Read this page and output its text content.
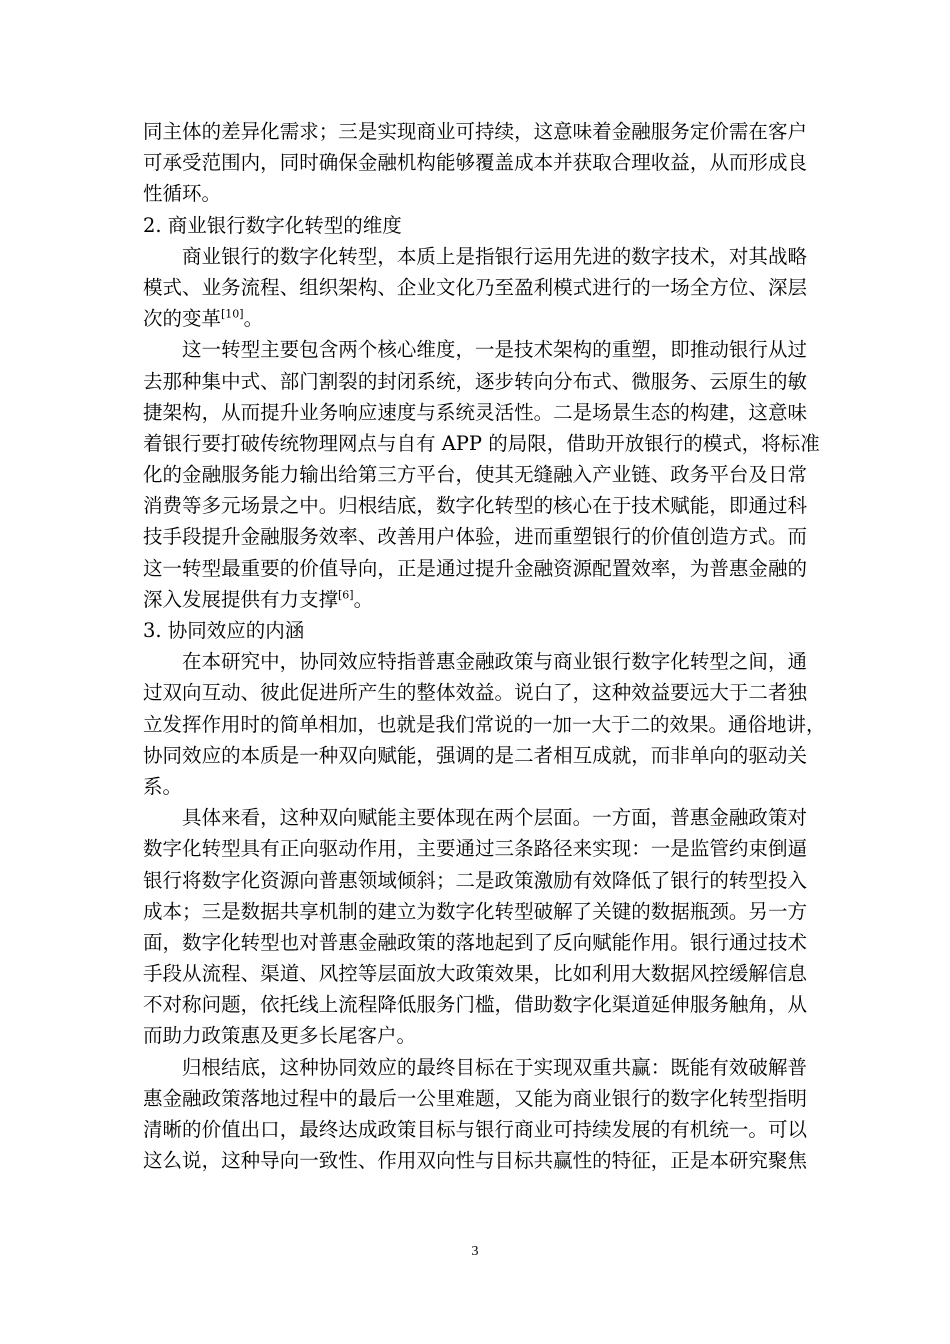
同主体的差异化需求；三是实现商业可持续，这意味着金融服务定价需在客户
可承受范围内，同时确保金融机构能够覆盖成本并获取合理收益，从而形成良
性循环。
2. 商业银行数字化转型的维度
商业银行的数字化转型，本质上是指银行运用先进的数字技术，对其战略
模式、业务流程、组织架构、企业文化乃至盈利模式进行的一场全方位、深层
次的变革[10]。
这一转型主要包含两个核心维度，一是技术架构的重塑，即推动银行从过
去那种集中式、部门割裂的封闭系统，逐步转向分布式、微服务、云原生的敏
捷架构，从而提升业务响应速度与系统灵活性。二是场景生态的构建，这意味
着银行要打破传统物理网点与自有 APP 的局限，借助开放银行的模式，将标准
化的金融服务能力输出给第三方平台，使其无缝融入产业链、政务平台及日常
消费等多元场景之中。归根结底，数字化转型的核心在于技术赋能，即通过科
技手段提升金融服务效率、改善用户体验，进而重塑银行的价值创造方式。而
这一转型最重要的价值导向，正是通过提升金融资源配置效率，为普惠金融的
深入发展提供有力支撑[6]。
3. 协同效应的内涵
在本研究中，协同效应特指普惠金融政策与商业银行数字化转型之间，通
过双向互动、彼此促进所产生的整体效益。说白了，这种效益要远大于二者独
立发挥作用时的简单相加，也就是我们常说的一加一大于二的效果。通俗地讲，
协同效应的本质是一种双向赋能，强调的是二者相互成就，而非单向的驱动关
系。
具体来看，这种双向赋能主要体现在两个层面。一方面，普惠金融政策对
数字化转型具有正向驱动作用，主要通过三条路径来实现：一是监管约束倒逼
银行将数字化资源向普惠领域倾斜；二是政策激励有效降低了银行的转型投入
成本；三是数据共享机制的建立为数字化转型破解了关键的数据瓶颈。另一方
面，数字化转型也对普惠金融政策的落地起到了反向赋能作用。银行通过技术
手段从流程、渠道、风控等层面放大政策效果，比如利用大数据风控缓解信息
不对称问题，依托线上流程降低服务门槛，借助数字化渠道延伸服务触角，从
而助力政策惠及更多长尾客户。
归根结底，这种协同效应的最终目标在于实现双重共赢：既能有效破解普
惠金融政策落地过程中的最后一公里难题，又能为商业银行的数字化转型指明
清晰的价值出口，最终达成政策目标与银行商业可持续发展的有机统一。可以
这么说，这种导向一致性、作用双向性与目标共赢性的特征，正是本研究聚焦
3
